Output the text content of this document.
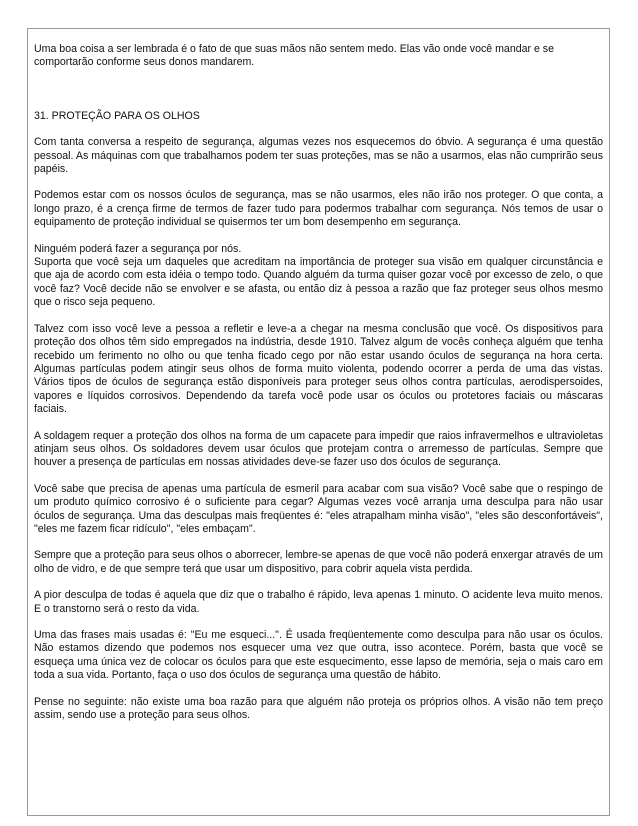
Uma boa coisa a ser lembrada é o fato de que suas mãos não sentem medo. Elas vão onde você mandar e se comportarão conforme seus donos mandarem.

31. PROTEÇÃO PARA OS OLHOS

Com tanta conversa a respeito de segurança, algumas vezes nos esquecemos do óbvio. A segurança é uma questão pessoal. As máquinas com que trabalhamos podem ter suas proteções, mas se não a usarmos, elas não cumprirão seus papéis.

Podemos estar com os nossos óculos de segurança, mas se não usarmos, eles não irão nos proteger. O que conta, a longo prazo, é a crença firme de termos de fazer tudo para podermos trabalhar com segurança. Nós temos de usar o equipamento de proteção individual se quisermos ter um bom desempenho em segurança.

Ninguém poderá fazer a segurança por nós.

Suporta que você seja um daqueles que acreditam na importância de proteger sua visão em qualquer circunstância e que aja de acordo com esta idéia o tempo todo. Quando alguém da turma quiser gozar você por excesso de zelo, o que você faz? Você decide não se envolver e se afasta, ou então diz à pessoa a razão que faz proteger seus olhos mesmo que o risco seja pequeno.

Talvez com isso você leve a pessoa a refletir e leve-a a chegar na mesma conclusão que você. Os dispositivos para proteção dos olhos têm sido empregados na indústria, desde 1910. Talvez algum de vocês conheça alguém que tenha recebido um ferimento no olho ou que tenha ficado cego por não estar usando óculos de segurança na hora certa. Algumas partículas podem atingir seus olhos de forma muito violenta, podendo ocorrer a perda de uma das vistas. Vários tipos de óculos de segurança estão disponíveis para proteger seus olhos contra partículas, aerodispersoides, vapores e líquidos corrosivos. Dependendo da tarefa você pode usar os óculos ou protetores faciais ou máscaras faciais.

A soldagem requer a proteção dos olhos na forma de um capacete para impedir que raios infravermelhos e ultravioletas atinjam seus olhos. Os soldadores devem usar óculos que protejam contra o arremesso de partículas. Sempre que houver a presença de partículas em nossas atividades deve-se fazer uso dos óculos de segurança.

Você sabe que precisa de apenas uma partícula de esmeril para acabar com sua visão? Você sabe que o respingo de um produto químico corrosivo é o suficiente para cegar? Algumas vezes você arranja uma desculpa para não usar óculos de segurança. Uma das desculpas mais freqüentes é: "eles atrapalham minha visão", "eles são desconfortáveis", "eles me fazem ficar ridículo", "eles embaçam".

Sempre que a proteção para seus olhos o aborrecer, lembre-se apenas de que você não poderá enxergar através de um olho de vidro, e de que sempre terá que usar um dispositivo, para cobrir aquela vista perdida.

A pior desculpa de todas é aquela que diz que o trabalho é rápido, leva apenas 1 minuto. O acidente leva muito menos. E o transtorno será o resto da vida.

Uma das frases mais usadas é: "Eu me esqueci...". É usada freqüentemente como desculpa para não usar os óculos. Não estamos dizendo que podemos nos esquecer uma vez que outra, isso acontece. Porém, basta que você se esqueça uma única vez de colocar os óculos para que este esquecimento, esse lapso de memória, seja o mais caro em toda a sua vida. Portanto, faça o uso dos óculos de segurança uma questão de hábito.

Pense no seguinte: não existe uma boa razão para que alguém não proteja os próprios olhos. A visão não tem preço assim, sendo use a proteção para seus olhos.
